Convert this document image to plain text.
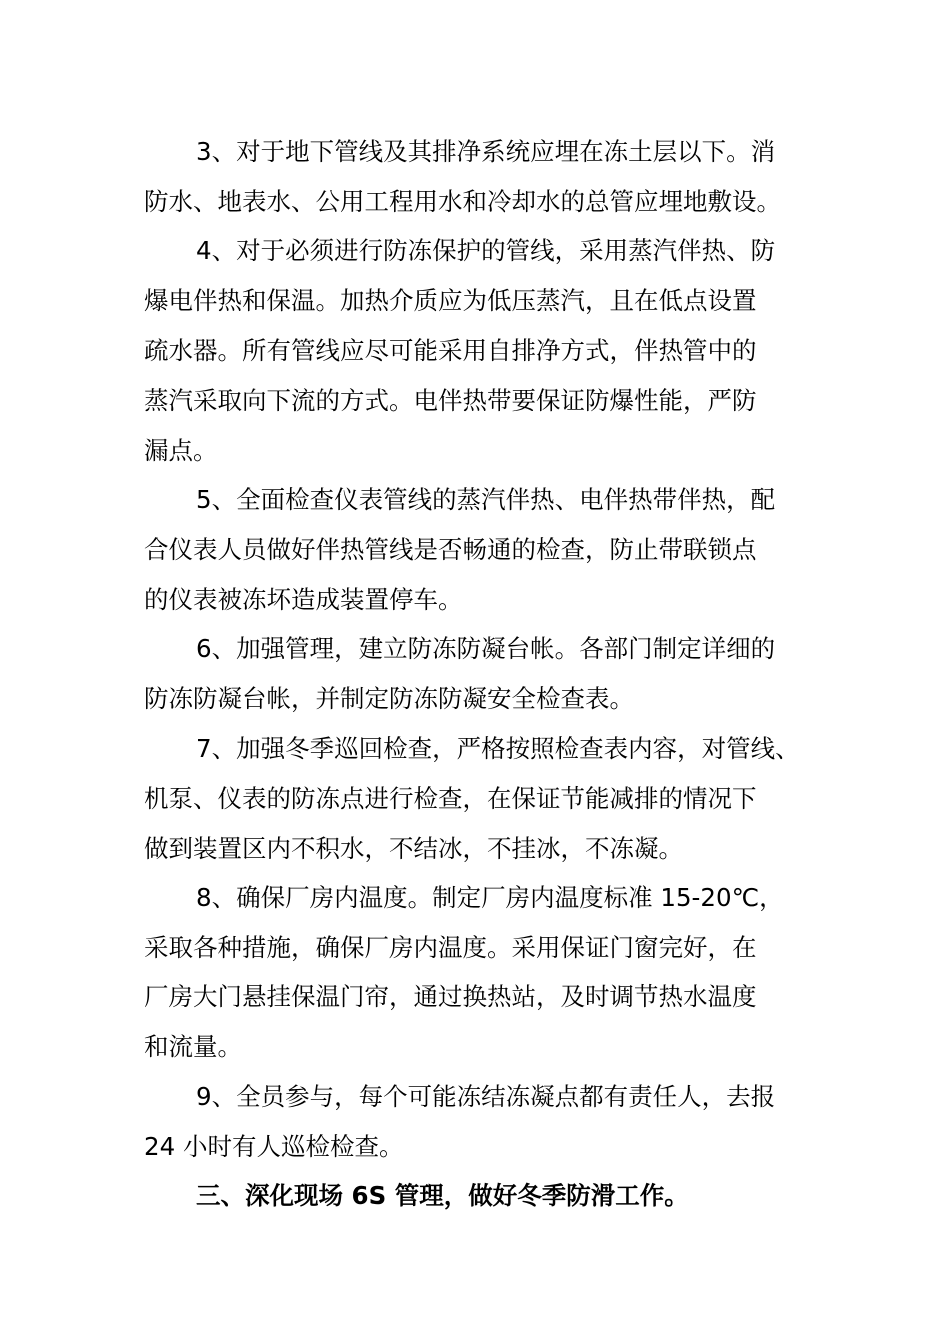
3、对于地下管线及其排净系统应埋在冻土层以下。消
防水、地表水、公用工程用水和冷却水的总管应埋地敷设。
4、对于必须进行防冻保护的管线，采用蒸汽伴热、防
爆电伴热和保温。加热介质应为低压蒸汽，且在低点设置
疏水器。所有管线应尽可能采用自排净方式，伴热管中的
蒸汽采取向下流的方式。电伴热带要保证防爆性能，严防
漏点。
5、全面检查仪表管线的蒸汽伴热、电伴热带伴热，配
合仪表人员做好伴热管线是否畅通的检查，防止带联锁点
的仪表被冻坏造成装置停车。
6、加强管理，建立防冻防凝台帐。各部门制定详细的
防冻防凝台帐，并制定防冻防凝安全检查表。
7、加强冬季巡回检查，严格按照检查表内容，对管线、
机泵、仪表的防冻点进行检查，在保证节能减排的情况下
做到装置区内不积水，不结冰，不挂冰，不冻凝。
8、确保厂房内温度。制定厂房内温度标准 15-20℃，
采取各种措施，确保厂房内温度。采用保证门窗完好，在
厂房大门悬挂保温门帘，通过换热站，及时调节热水温度
和流量。
9、全员参与，每个可能冻结冻凝点都有责任人，去报
24 小时有人巡检检查。
三、深化现场 6S 管理，做好冬季防滑工作。
